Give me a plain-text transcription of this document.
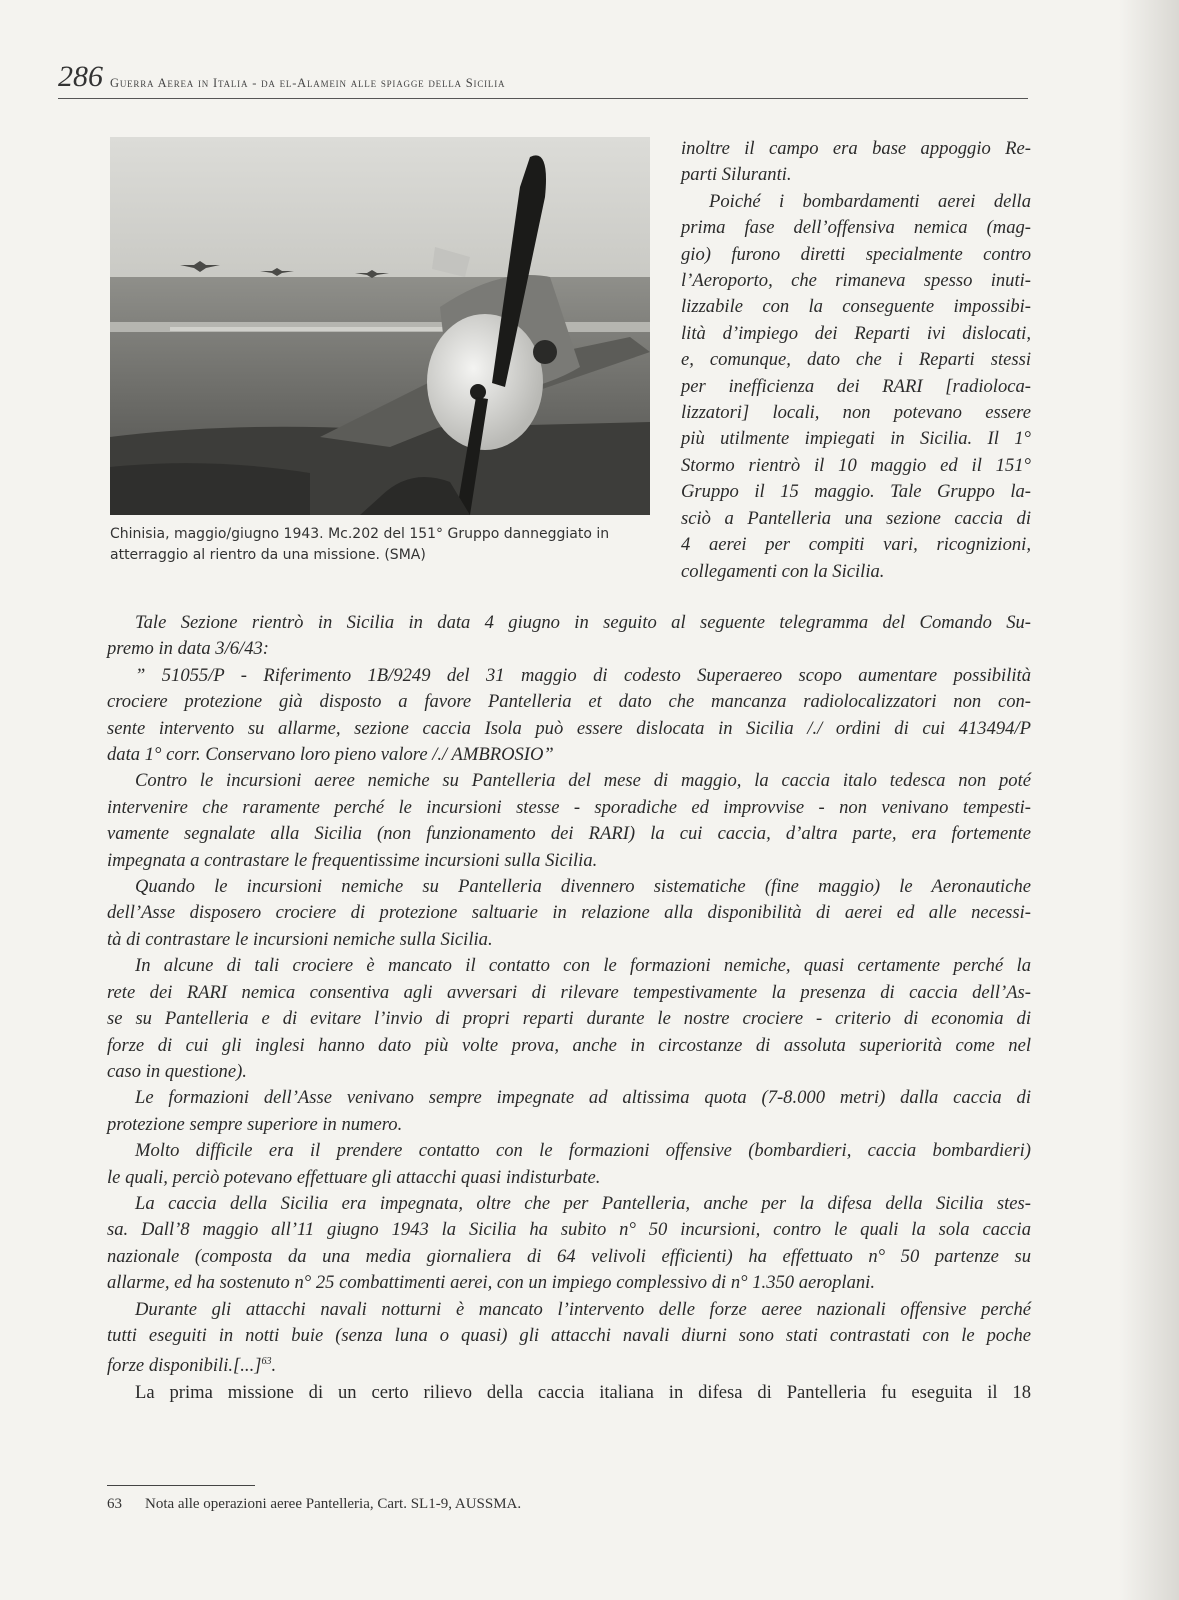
286 Guerra Aerea in Italia - da el-Alamein alle spiagge della Sicilia
Chinisia, maggio/giugno 1943. Mc.202 del 151° Gruppo danneggiato in
atterraggio al rientro da una missione. (SMA)
inoltre il campo era base appoggio Re-
parti Siluranti.
Poiché i bombardamenti aerei della
prima fase dell’offensiva nemica (mag-
gio) furono diretti specialmente contro
l’Aeroporto, che rimaneva spesso inuti-
lizzabile con la conseguente impossibi-
lità d’impiego dei Reparti ivi dislocati,
e, comunque, dato che i Reparti stessi
per inefficienza dei RARI [radioloca-
lizzatori] locali, non potevano essere
più utilmente impiegati in Sicilia. Il 1°
Stormo rientrò il 10 maggio ed il 151°
Gruppo il 15 maggio. Tale Gruppo la-
sciò a Pantelleria una sezione caccia di
4 aerei per compiti vari, ricognizioni,
collegamenti con la Sicilia.
Tale Sezione rientrò in Sicilia in data 4 giugno in seguito al seguente telegramma del Comando Su-
premo in data 3/6/43:
” 51055/P - Riferimento 1B/9249 del 31 maggio di codesto Superaereo scopo aumentare possibilità
crociere protezione già disposto a favore Pantelleria et dato che mancanza radiolocalizzatori non con-
sente intervento su allarme, sezione caccia Isola può essere dislocata in Sicilia /./ ordini di cui 413494/P
data 1° corr. Conservano loro pieno valore /./ AMBROSIO”
Contro le incursioni aeree nemiche su Pantelleria del mese di maggio, la caccia italo tedesca non poté
intervenire che raramente perché le incursioni stesse - sporadiche ed improvvise - non venivano tempesti-
vamente segnalate alla Sicilia (non funzionamento dei RARI) la cui caccia, d’altra parte, era fortemente
impegnata a contrastare le frequentissime incursioni sulla Sicilia.
Quando le incursioni nemiche su Pantelleria divennero sistematiche (fine maggio) le Aeronautiche
dell’Asse disposero crociere di protezione saltuarie in relazione alla disponibilità di aerei ed alle necessi-
tà di contrastare le incursioni nemiche sulla Sicilia.
In alcune di tali crociere è mancato il contatto con le formazioni nemiche, quasi certamente perché la
rete dei RARI nemica consentiva agli avversari di rilevare tempestivamente la presenza di caccia dell’As-
se su Pantelleria e di evitare l’invio di propri reparti durante le nostre crociere - criterio di economia di
forze di cui gli inglesi hanno dato più volte prova, anche in circostanze di assoluta superiorità come nel
caso in questione).
Le formazioni dell’Asse venivano sempre impegnate ad altissima quota (7-8.000 metri) dalla caccia di
protezione sempre superiore in numero.
Molto difficile era il prendere contatto con le formazioni offensive (bombardieri, caccia bombardieri)
le quali, perciò potevano effettuare gli attacchi quasi indisturbate.
La caccia della Sicilia era impegnata, oltre che per Pantelleria, anche per la difesa della Sicilia stes-
sa. Dall’8 maggio all’11 giugno 1943 la Sicilia ha subito n° 50 incursioni, contro le quali la sola caccia
nazionale (composta da una media giornaliera di 64 velivoli efficienti) ha effettuato n° 50 partenze su
allarme, ed ha sostenuto n° 25 combattimenti aerei, con un impiego complessivo di n° 1.350 aeroplani.
Durante gli attacchi navali notturni è mancato l’intervento delle forze aeree nazionali offensive perché
tutti eseguiti in notti buie (senza luna o quasi) gli attacchi navali diurni sono stati contrastati con le poche
forze disponibili.[...]$^{63}$.
La prima missione di un certo rilievo della caccia italiana in difesa di Pantelleria fu eseguita il 18
63 Nota alle operazioni aeree Pantelleria, Cart. SL1-9, AUSSMA.
